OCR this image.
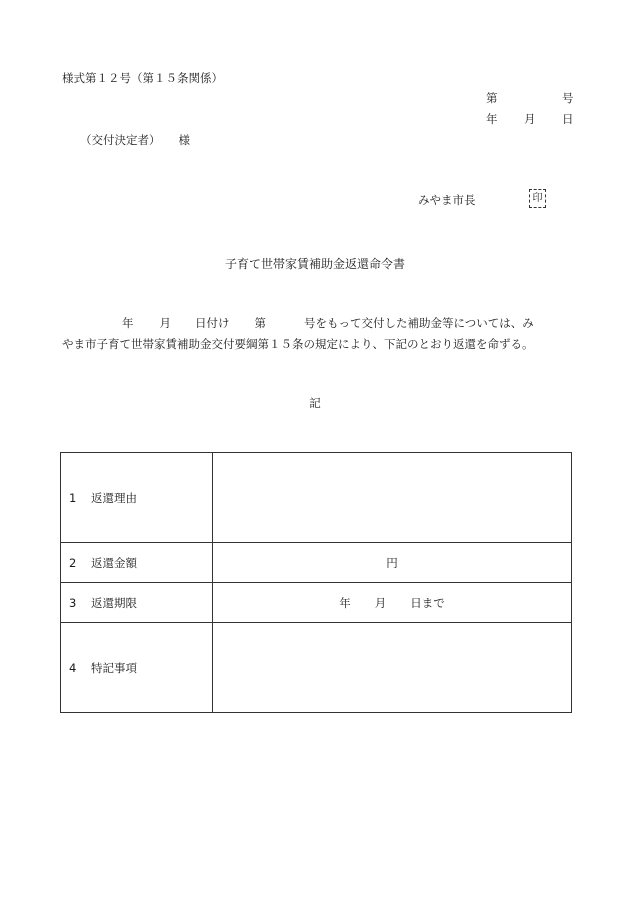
様式第１２号（第１５条関係）
第	号
年 月 日
（交付決定者） 様
みやま市長	印
子育て世帯家賃補助金返還命令書
年 月 日付け 第	号をもって交付した補助金等については、み
やま市子育て世帯家賃補助金交付要綱第１５条の規定により、下記のとおり返還を命ずる。
記
1 返還理由	
2 返還金額	円
3 返還期限	年 月 日まで
4 特記事項	
